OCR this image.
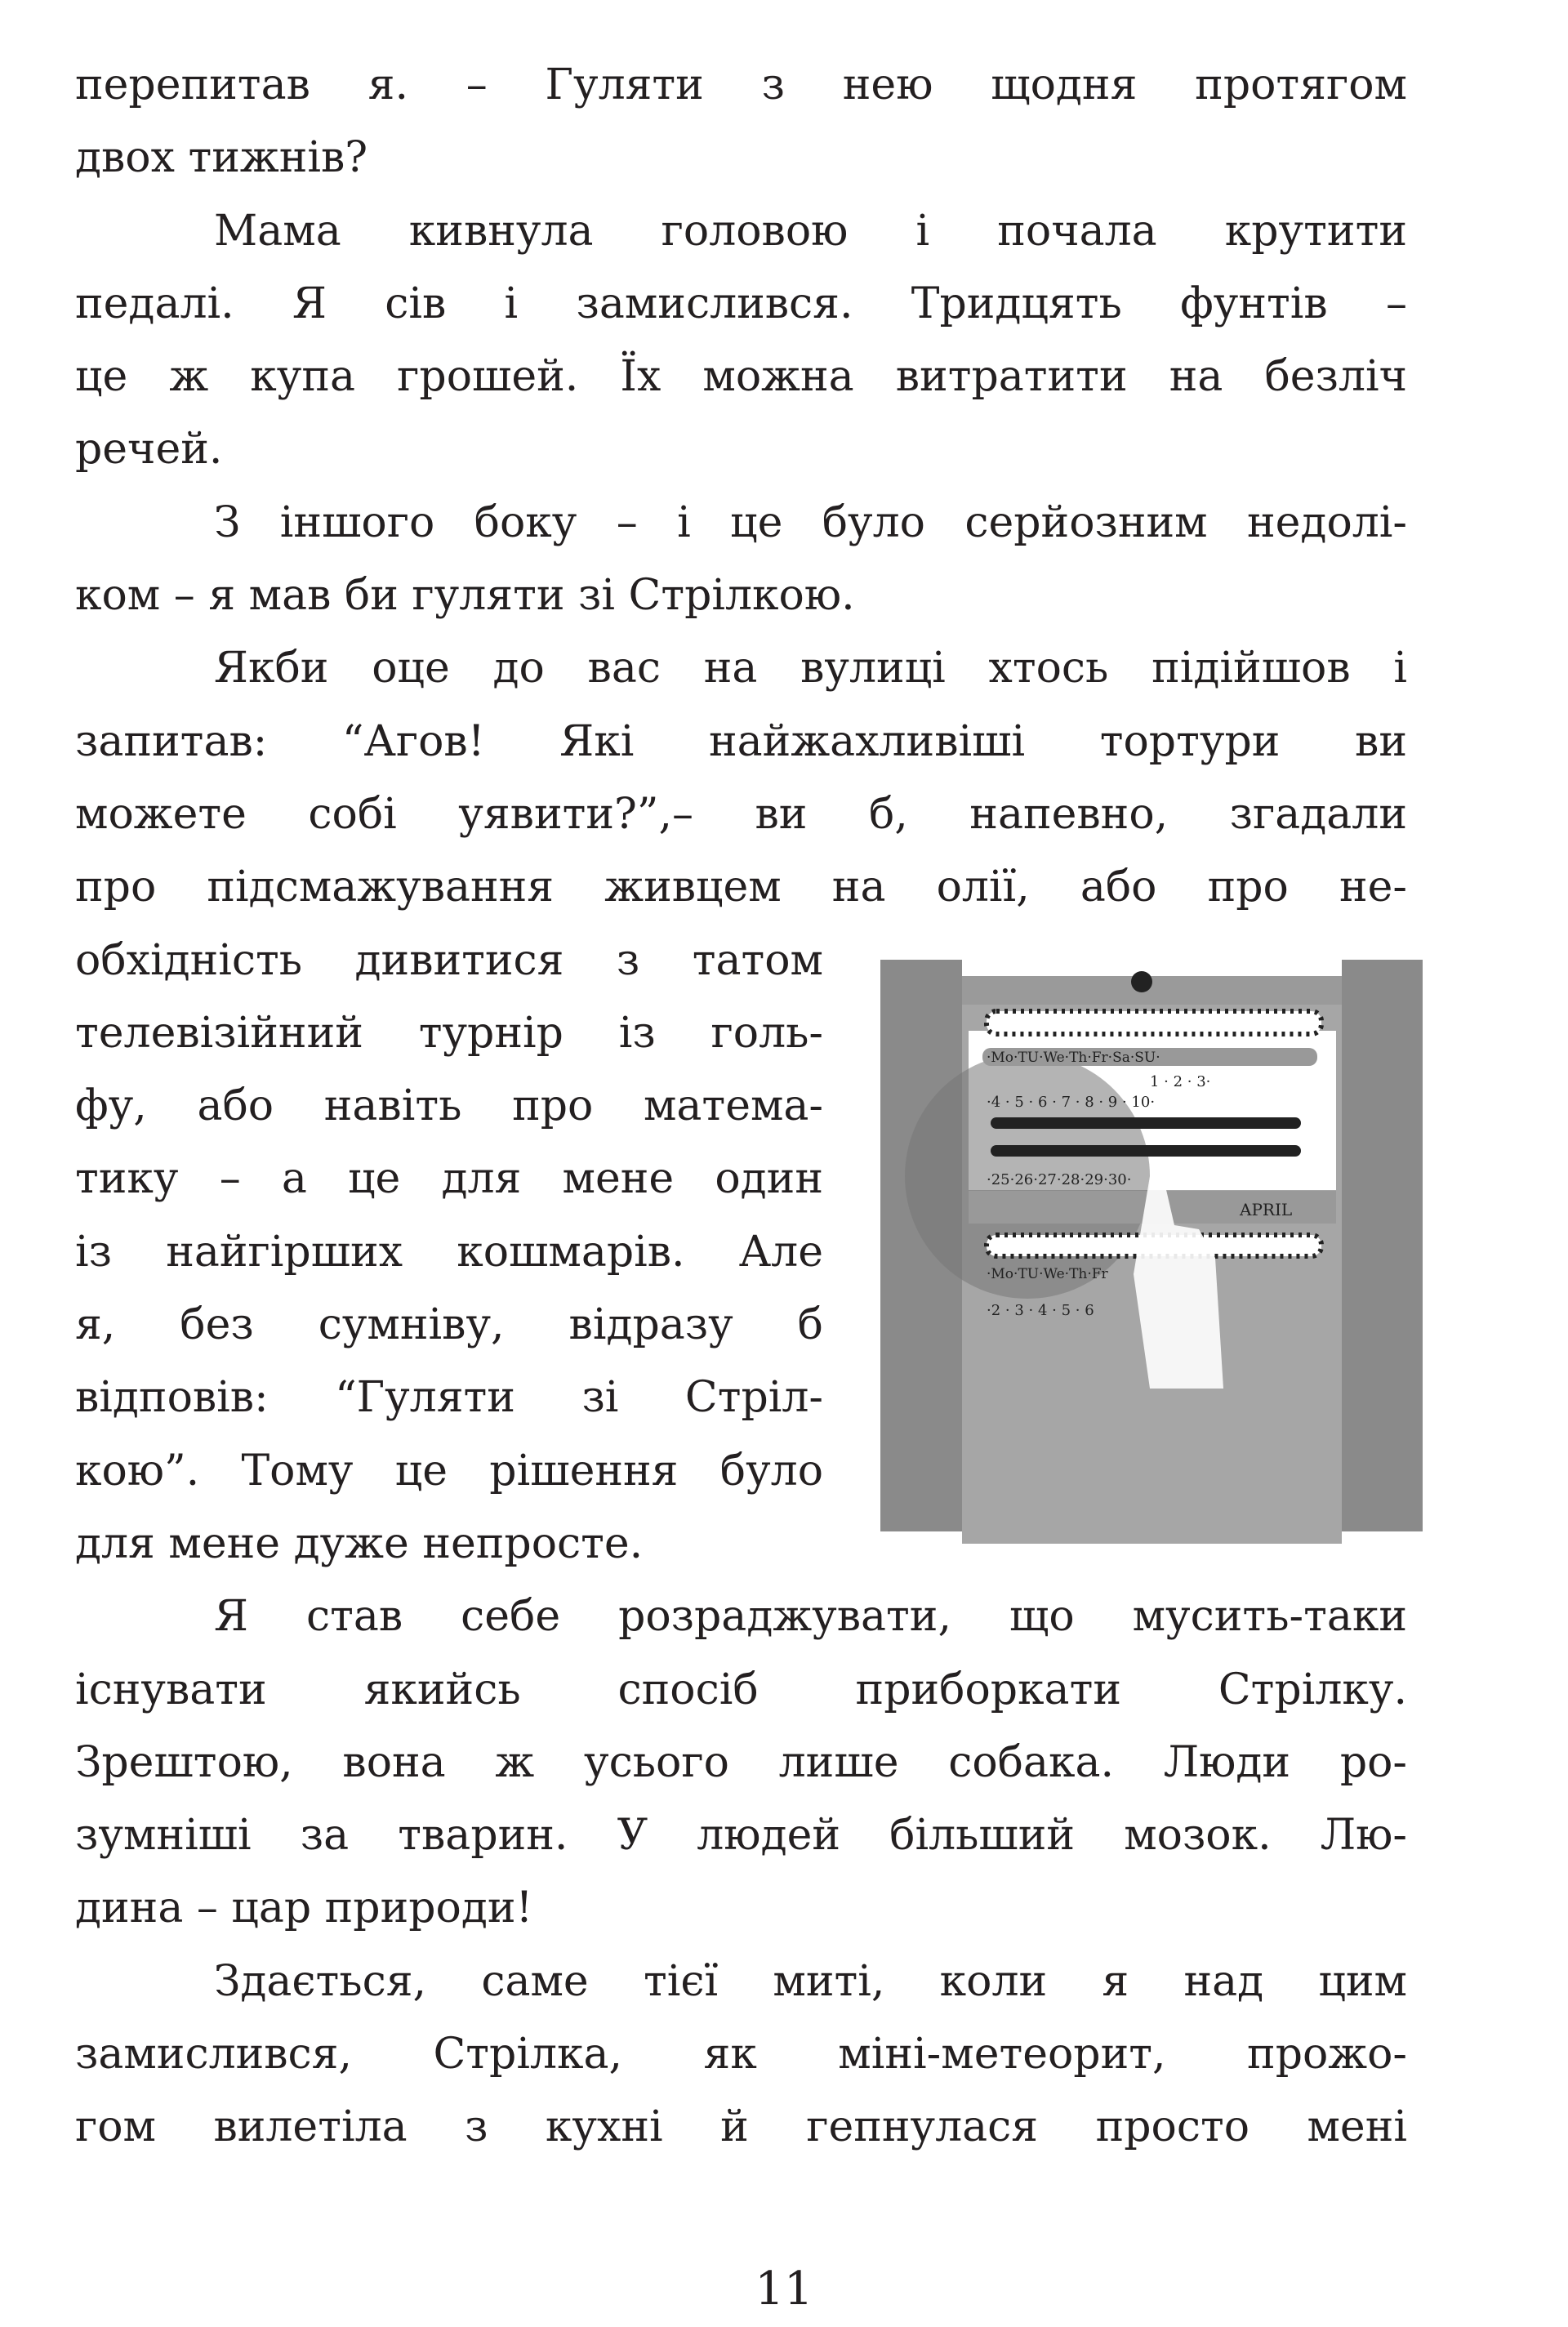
перепитав я. – Гуляти з нею щодня протягом
двох тижнів?
Мама кивнула головою і почала крутити
педалі. Я сів і замислився. Тридцять фунтів –
це ж купа грошей. Їх можна витратити на безліч
речей.
З іншого боку – і це було серйозним недолі-
ком – я мав би гуляти зі Стрілкою.
Якби оце до вас на вулиці хтось підійшов і
запитав: “Агов! Які найжахливіші тортури ви
можете собі уявити?”,– ви б, напевно, згадали
про підсмажування живцем на олії, або про не-
обхідність дивитися з татом
телевізійний турнір із голь-
фу, або навіть про матема-
тику – а це для мене один
із найгірших кошмарів. Але
я, без сумніву, відразу б
відповів: “Гуляти зі Стріл-
кою”. Тому це рішення було
для мене дуже непросте.
Я став себе розраджувати, що мусить-таки
існувати якийсь спосіб приборкати Стрілку.
Зрештою, вона ж усього лише собака. Люди ро-
зумніші за тварин. У людей більший мозок. Лю-
дина – цар природи!
Здається, саме тієї миті, коли я над цим
замислився, Стрілка, як міні-метеорит, прожо-
гом вилетіла з кухні й гепнулася просто мені
·Mo·TU·We·Th·Fr·Sa·SU·
1 · 2 · 3·
·4 · 5 · 6 · 7 · 8 · 9 · 10·
·25·26·27·28·29·30·
APRIL
·Mo·TU·We·Th·Fr
·2 · 3 · 4 · 5 · 6
11
